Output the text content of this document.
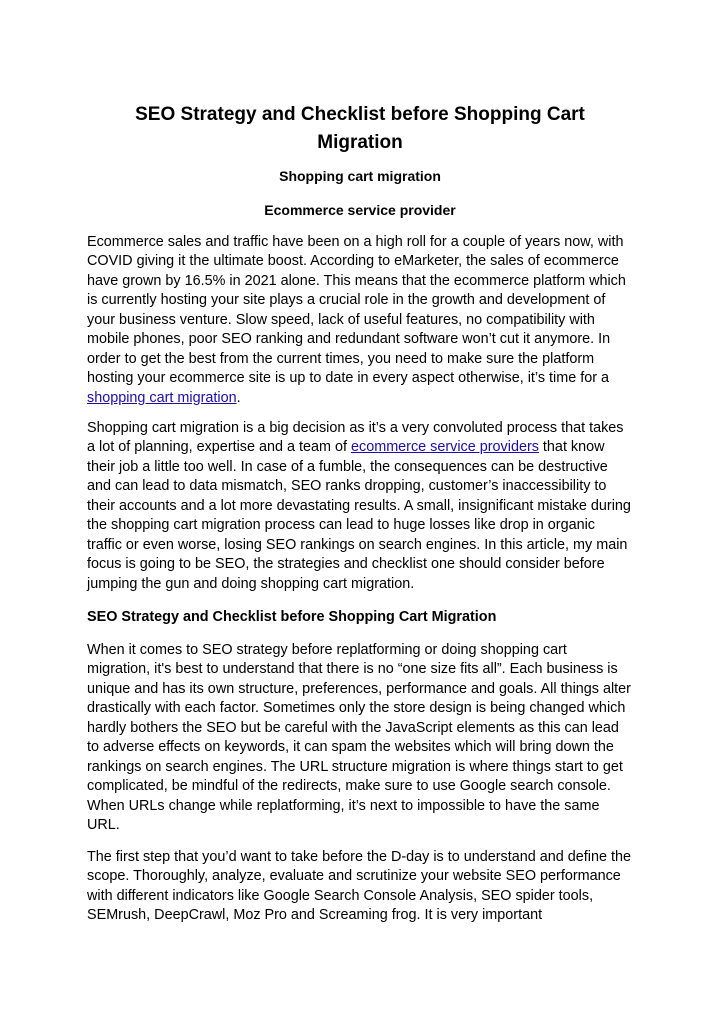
SEO Strategy and Checklist before Shopping Cart Migration

Shopping cart migration

Ecommerce service provider

Ecommerce sales and traffic have been on a high roll for a couple of years now, with COVID giving it the ultimate boost. According to eMarketer, the sales of ecommerce have grown by 16.5% in 2021 alone. This means that the ecommerce platform which is currently hosting your site plays a crucial role in the growth and development of your business venture. Slow speed, lack of useful features, no compatibility with mobile phones, poor SEO ranking and redundant software won’t cut it anymore. In order to get the best from the current times, you need to make sure the platform hosting your ecommerce site is up to date in every aspect otherwise, it’s time for a shopping cart migration.

Shopping cart migration is a big decision as it’s a very convoluted process that takes a lot of planning, expertise and a team of ecommerce service providers that know their job a little too well. In case of a fumble, the consequences can be destructive and can lead to data mismatch, SEO ranks dropping, customer’s inaccessibility to their accounts and a lot more devastating results. A small, insignificant mistake during the shopping cart migration process can lead to huge losses like drop in organic traffic or even worse, losing SEO rankings on search engines. In this article, my main focus is going to be SEO, the strategies and checklist one should consider before jumping the gun and doing shopping cart migration.

SEO Strategy and Checklist before Shopping Cart Migration

When it comes to SEO strategy before replatforming or doing shopping cart migration, it's best to understand that there is no “one size fits all”. Each business is unique and has its own structure, preferences, performance and goals. All things alter drastically with each factor. Sometimes only the store design is being changed which hardly bothers the SEO but be careful with the JavaScript elements as this can lead to adverse effects on keywords, it can spam the websites which will bring down the rankings on search engines. The URL structure migration is where things start to get complicated, be mindful of the redirects, make sure to use Google search console. When URLs change while replatforming, it’s next to impossible to have the same URL.

The first step that you’d want to take before the D-day is to understand and define the scope. Thoroughly, analyze, evaluate and scrutinize your website SEO performance with different indicators like Google Search Console Analysis, SEO spider tools, SEMrush, DeepCrawl, Moz Pro and Screaming frog. It is very important
